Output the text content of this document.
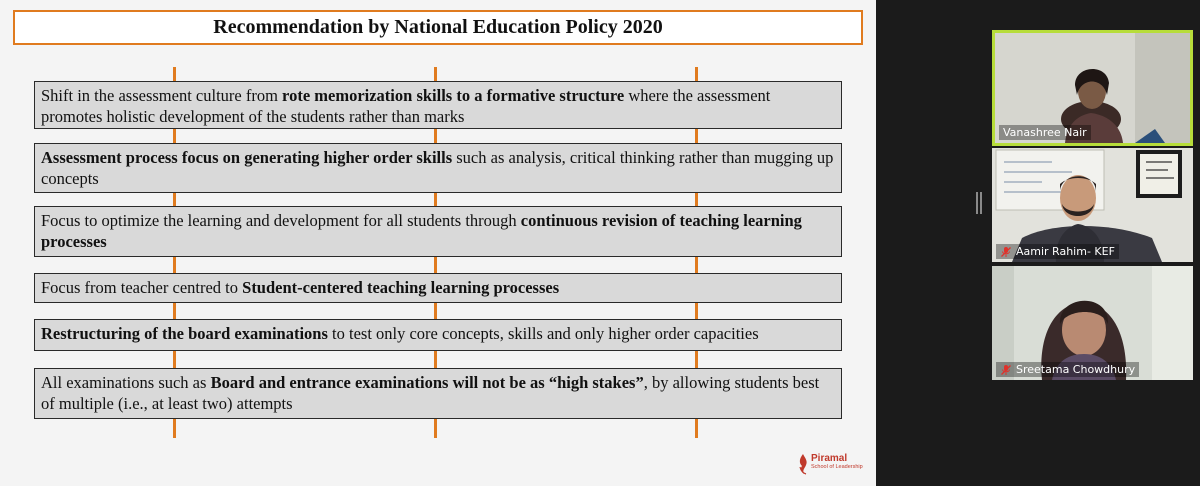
Recommendation by National Education Policy 2020
Shift in the assessment culture from rote memorization skills to a formative structure where the assessment promotes holistic development of the students rather than marks
Assessment process focus on generating higher order skills such as analysis, critical thinking rather than mugging up concepts
Focus to optimize the learning and development for all students through continuous revision of teaching learning processes
Focus from teacher centred to Student-centered teaching learning processes
Restructuring of the board examinations to test only core concepts, skills and only higher order capacities
All examinations such as Board and entrance examinations will not be as “high stakes”, by allowing students best of multiple (i.e., at least two) attempts
Piramal
School of Leadership
Vanashree Nair
Aamir Rahim- KEF
Sreetama Chowdhury
